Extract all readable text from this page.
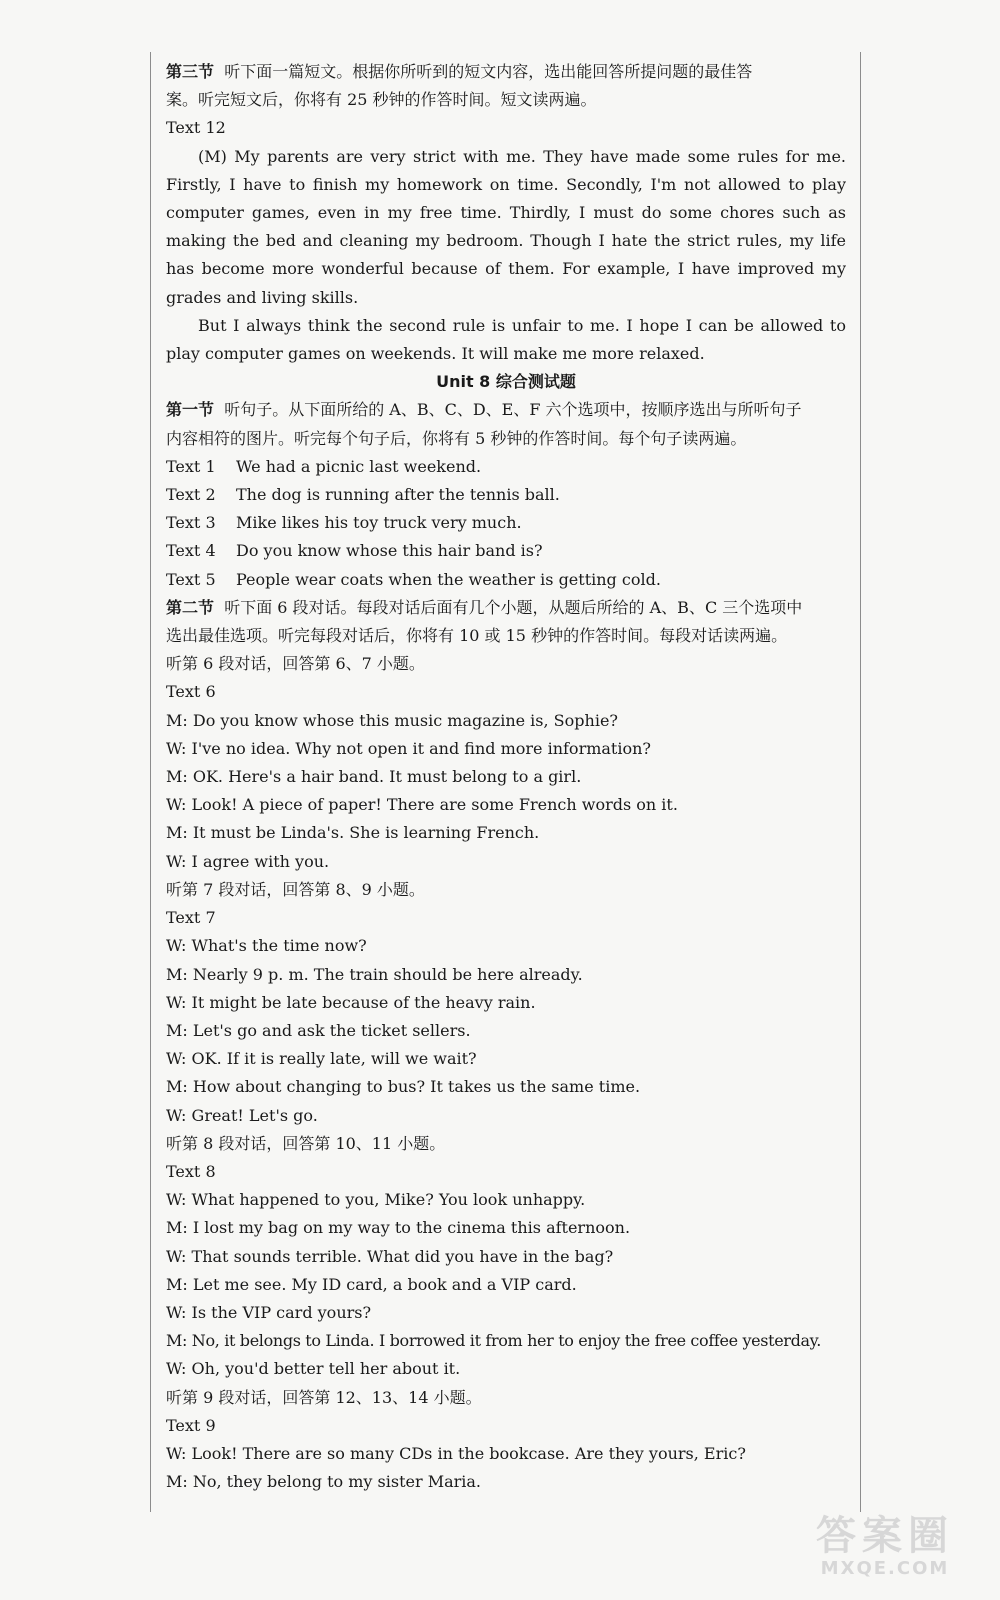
第三节 听下面一篇短文。根据你所听到的短文内容，选出能回答所提问题的最佳答
案。听完短文后，你将有 25 秒钟的作答时间。短文读两遍。
Text 12
(M) My parents are very strict with me. They have made some rules for me. Firstly, I have to finish my homework on time. Secondly, I'm not allowed to play computer games, even in my free time. Thirdly, I must do some chores such as making the bed and cleaning my bedroom. Though I hate the strict rules, my life has become more wonderful because of them. For example, I have improved my grades and living skills.
But I always think the second rule is unfair to me. I hope I can be allowed to play computer games on weekends. It will make me more relaxed.
Unit 8 综合测试题
第一节 听句子。从下面所给的 A、B、C、D、E、F 六个选项中，按顺序选出与所听句子
内容相符的图片。听完每个句子后，你将有 5 秒钟的作答时间。每个句子读两遍。
Text 1	We had a picnic last weekend.
Text 2	The dog is running after the tennis ball.
Text 3	Mike likes his toy truck very much.
Text 4	Do you know whose this hair band is?
Text 5	People wear coats when the weather is getting cold.
第二节 听下面 6 段对话。每段对话后面有几个小题，从题后所给的 A、B、C 三个选项中
选出最佳选项。听完每段对话后，你将有 10 或 15 秒钟的作答时间。每段对话读两遍。
听第 6 段对话，回答第 6、7 小题。
Text 6
M: Do you know whose this music magazine is, Sophie?
W: I've no idea. Why not open it and find more information?
M: OK. Here's a hair band. It must belong to a girl.
W: Look! A piece of paper! There are some French words on it.
M: It must be Linda's. She is learning French.
W: I agree with you.
听第 7 段对话，回答第 8、9 小题。
Text 7
W: What's the time now?
M: Nearly 9 p. m. The train should be here already.
W: It might be late because of the heavy rain.
M: Let's go and ask the ticket sellers.
W: OK. If it is really late, will we wait?
M: How about changing to bus? It takes us the same time.
W: Great! Let's go.
听第 8 段对话，回答第 10、11 小题。
Text 8
W: What happened to you, Mike? You look unhappy.
M: I lost my bag on my way to the cinema this afternoon.
W: That sounds terrible. What did you have in the bag?
M: Let me see. My ID card, a book and a VIP card.
W: Is the VIP card yours?
M: No, it belongs to Linda. I borrowed it from her to enjoy the free coffee yesterday.
W: Oh, you'd better tell her about it.
听第 9 段对话，回答第 12、13、14 小题。
Text 9
W: Look! There are so many CDs in the bookcase. Are they yours, Eric?
M: No, they belong to my sister Maria.
答案圈
MXQE.COM
